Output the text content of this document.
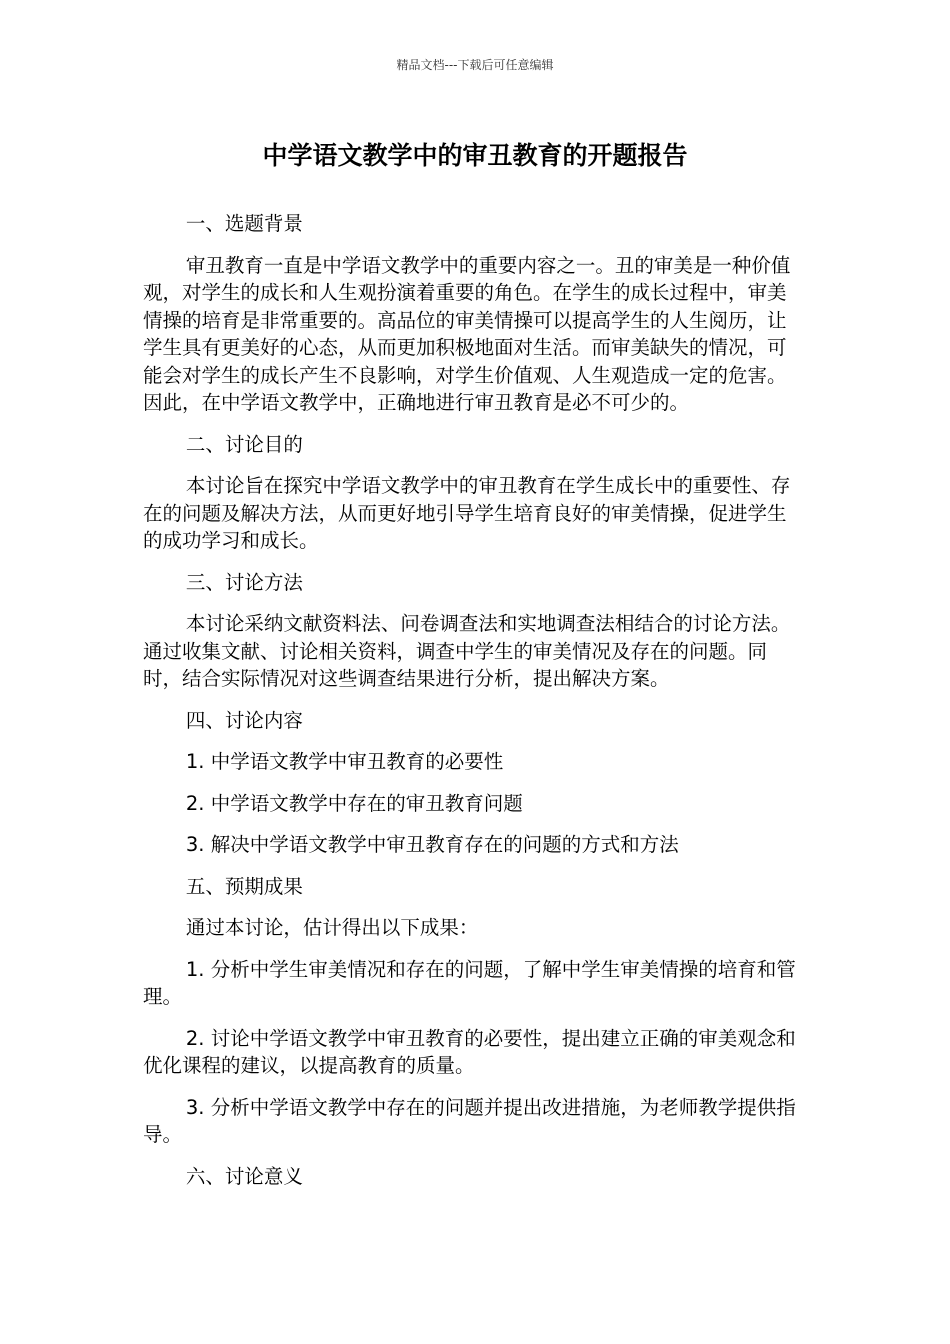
精品文档---下载后可任意编辑
中学语文教学中的审丑教育的开题报告

一、选题背景

审丑教育一直是中学语文教学中的重要内容之一。丑的审美是一种价值观，对学生的成长和人生观扮演着重要的角色。在学生的成长过程中，审美情操的培育是非常重要的。高品位的审美情操可以提高学生的人生阅历，让学生具有更美好的心态，从而更加积极地面对生活。而审美缺失的情况，可能会对学生的成长产生不良影响，对学生价值观、人生观造成一定的危害。因此，在中学语文教学中，正确地进行审丑教育是必不可少的。

二、讨论目的

本讨论旨在探究中学语文教学中的审丑教育在学生成长中的重要性、存在的问题及解决方法，从而更好地引导学生培育良好的审美情操，促进学生的成功学习和成长。

三、讨论方法

本讨论采纳文献资料法、问卷调查法和实地调查法相结合的讨论方法。通过收集文献、讨论相关资料，调查中学生的审美情况及存在的问题。同时，结合实际情况对这些调查结果进行分析，提出解决方案。

四、讨论内容

1. 中学语文教学中审丑教育的必要性

2. 中学语文教学中存在的审丑教育问题

3. 解决中学语文教学中审丑教育存在的问题的方式和方法

五、预期成果

通过本讨论，估计得出以下成果：

1. 分析中学生审美情况和存在的问题，了解中学生审美情操的培育和管理。

2. 讨论中学语文教学中审丑教育的必要性，提出建立正确的审美观念和优化课程的建议，以提高教育的质量。

3. 分析中学语文教学中存在的问题并提出改进措施，为老师教学提供指导。

六、讨论意义
